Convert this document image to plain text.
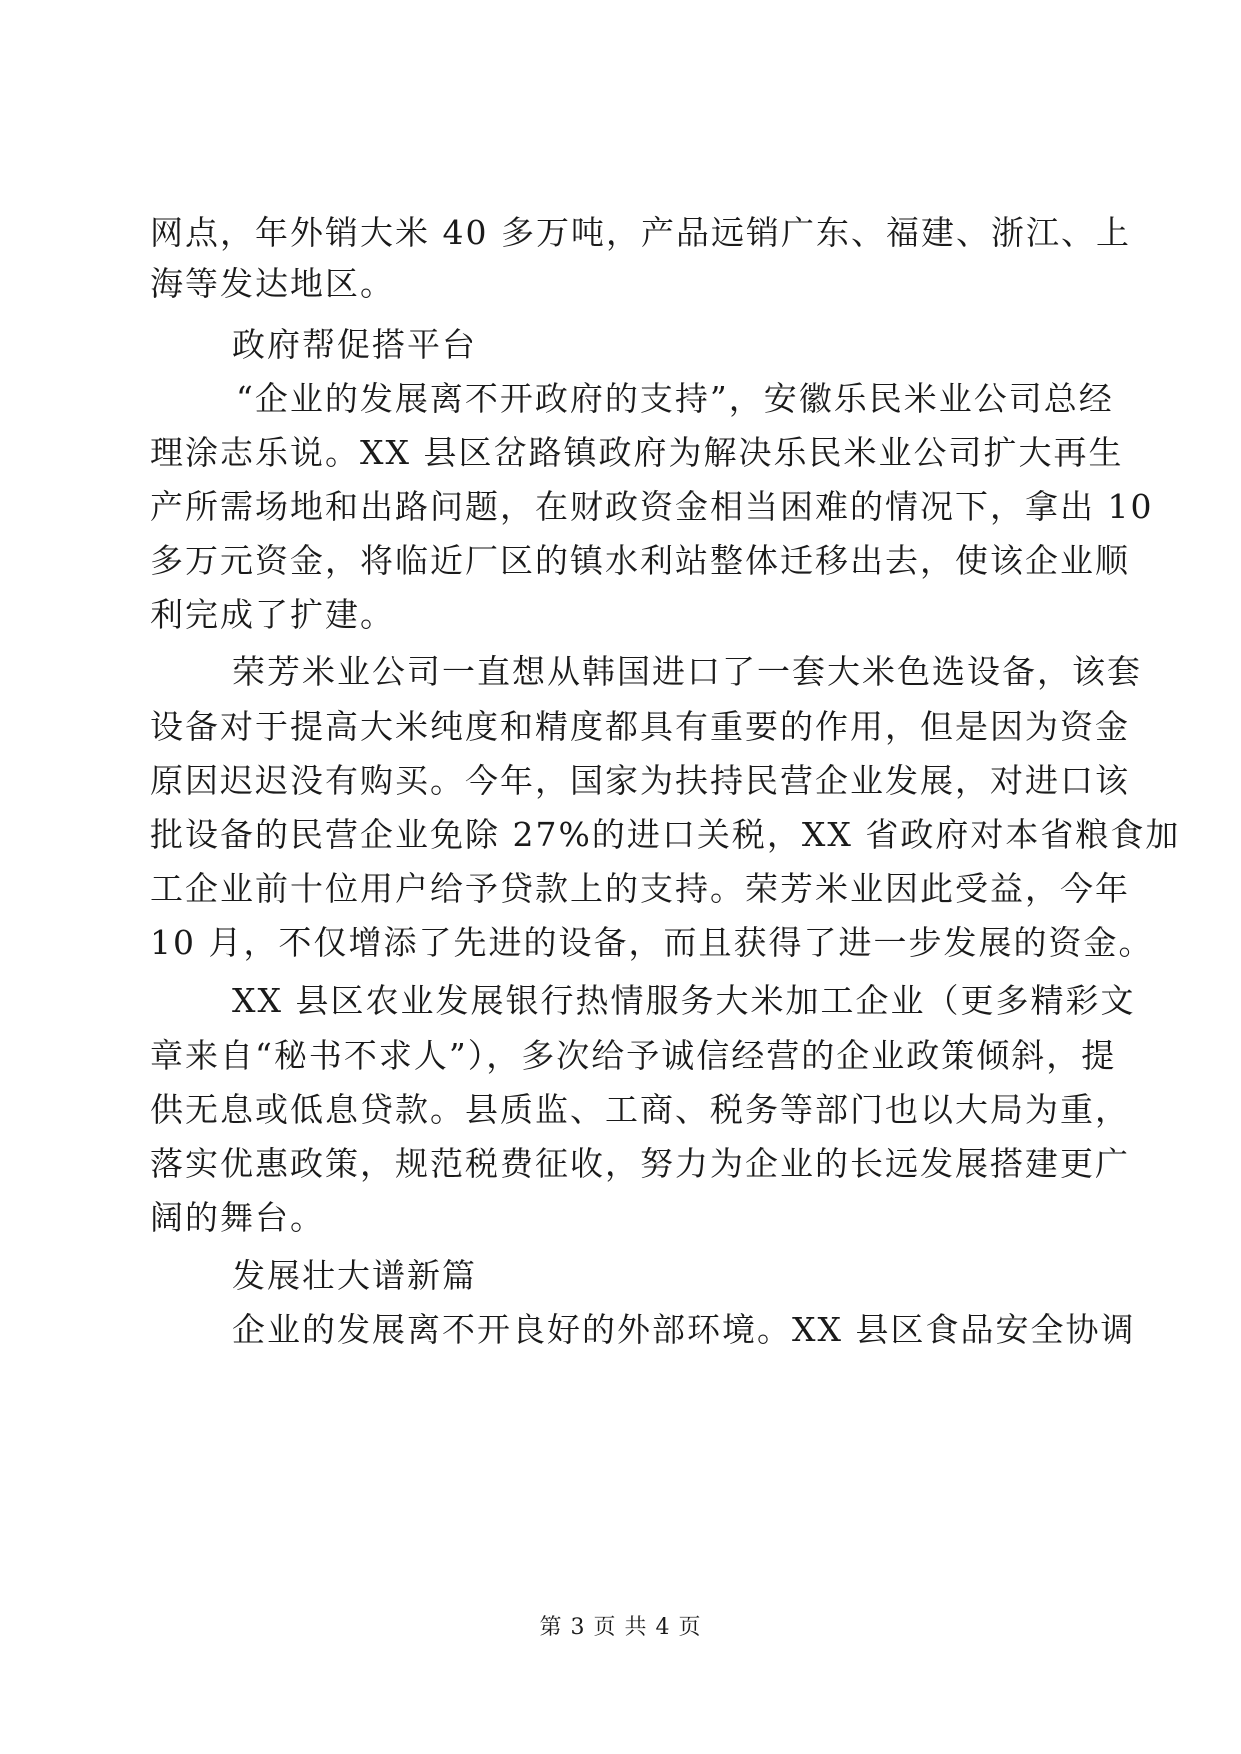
网点，年外销大米 40 多万吨，产品远销广东、福建、浙江、上
海等发达地区。
政府帮促搭平台
“企业的发展离不开政府的支持”，安徽乐民米业公司总经
理涂志乐说。XX 县区岔路镇政府为解决乐民米业公司扩大再生
产所需场地和出路问题，在财政资金相当困难的情况下，拿出 10
多万元资金，将临近厂区的镇水利站整体迁移出去，使该企业顺
利完成了扩建。
荣芳米业公司一直想从韩国进口了一套大米色选设备，该套
设备对于提高大米纯度和精度都具有重要的作用，但是因为资金
原因迟迟没有购买。今年，国家为扶持民营企业发展，对进口该
批设备的民营企业免除 27%的进口关税，XX 省政府对本省粮食加
工企业前十位用户给予贷款上的支持。荣芳米业因此受益，今年
10 月，不仅增添了先进的设备，而且获得了进一步发展的资金。
XX 县区农业发展银行热情服务大米加工企业（更多精彩文
章来自“秘书不求人”），多次给予诚信经营的企业政策倾斜，提
供无息或低息贷款。县质监、工商、税务等部门也以大局为重，
落实优惠政策，规范税费征收，努力为企业的长远发展搭建更广
阔的舞台。
发展壮大谱新篇
企业的发展离不开良好的外部环境。XX 县区食品安全协调
第 3 页 共 4 页
